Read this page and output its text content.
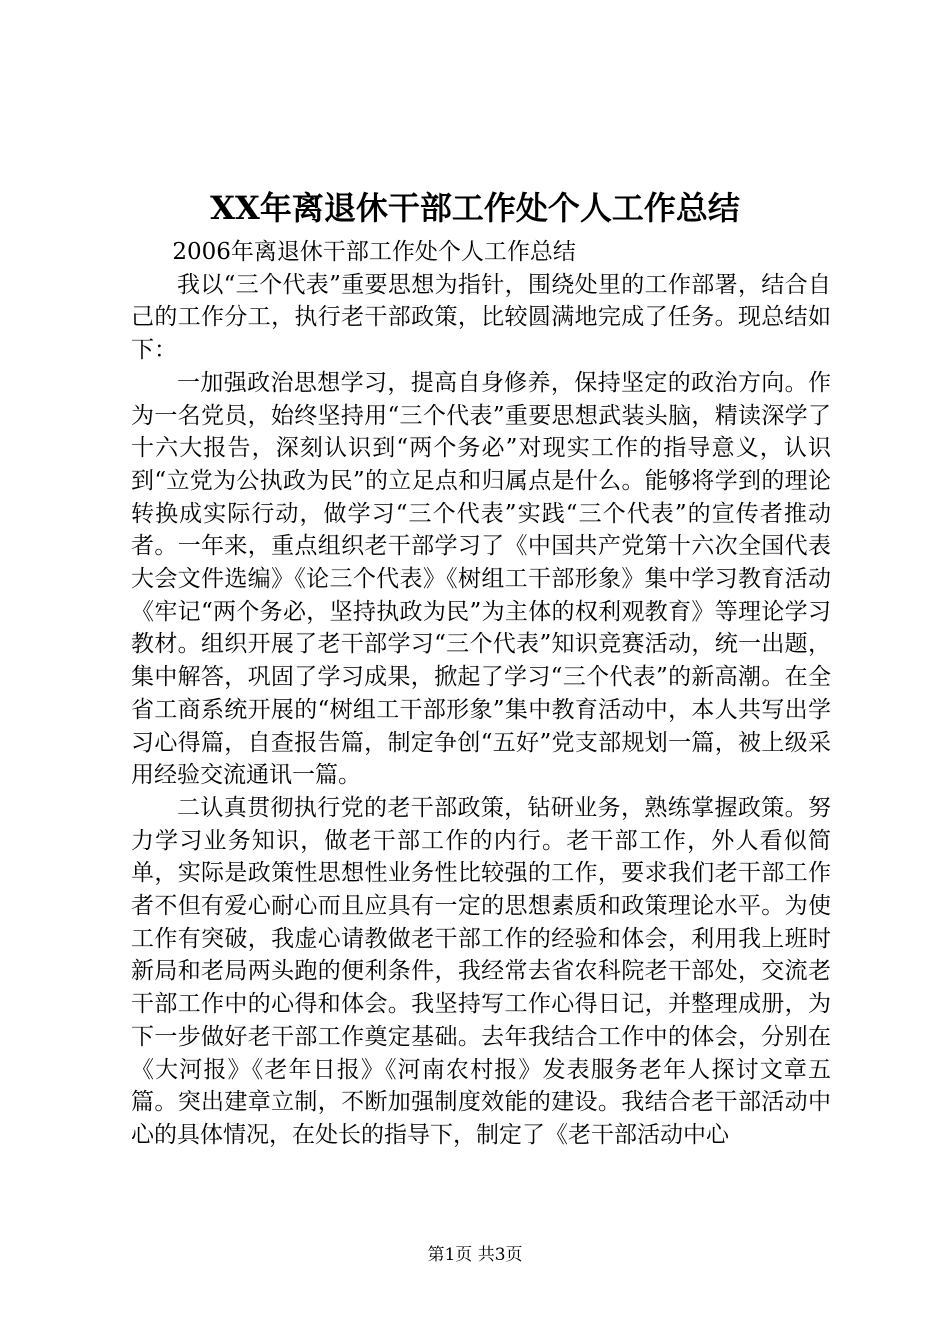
XX年离退休干部工作处个人工作总结

2006年离退休干部工作处个人工作总结

我以“三个代表”重要思想为指针，围绕处里的工作部署，结合自己的工作分工，执行老干部政策，比较圆满地完成了任务。现总结如下：

一加强政治思想学习，提高自身修养，保持坚定的政治方向。作为一名党员，始终坚持用“三个代表”重要思想武装头脑，精读深学了十六大报告，深刻认识到“两个务必”对现实工作的指导意义，认识到“立党为公执政为民”的立足点和归属点是什么。能够将学到的理论转换成实际行动，做学习“三个代表”实践“三个代表”的宣传者推动者。一年来，重点组织老干部学习了《中国共产党第十六次全国代表大会文件选编》《论三个代表》《树组工干部形象》集中学习教育活动《牢记“两个务必，坚持执政为民”为主体的权利观教育》等理论学习教材。组织开展了老干部学习“三个代表”知识竞赛活动，统一出题，集中解答，巩固了学习成果，掀起了学习“三个代表”的新高潮。在全省工商系统开展的“树组工干部形象”集中教育活动中，本人共写出学习心得篇，自查报告篇，制定争创“五好”党支部规划一篇，被上级采用经验交流通讯一篇。

二认真贯彻执行党的老干部政策，钻研业务，熟练掌握政策。努力学习业务知识，做老干部工作的内行。老干部工作，外人看似简单，实际是政策性思想性业务性比较强的工作，要求我们老干部工作者不但有爱心耐心而且应具有一定的思想素质和政策理论水平。为使工作有突破，我虚心请教做老干部工作的经验和体会，利用我上班时新局和老局两头跑的便利条件，我经常去省农科院老干部处，交流老干部工作中的心得和体会。我坚持写工作心得日记，并整理成册，为下一步做好老干部工作奠定基础。去年我结合工作中的体会，分别在《大河报》《老年日报》《河南农村报》发表服务老年人探讨文章五篇。突出建章立制，不断加强制度效能的建设。我结合老干部活动中心的具体情况，在处长的指导下，制定了《老干部活动中心

第1页 共3页
